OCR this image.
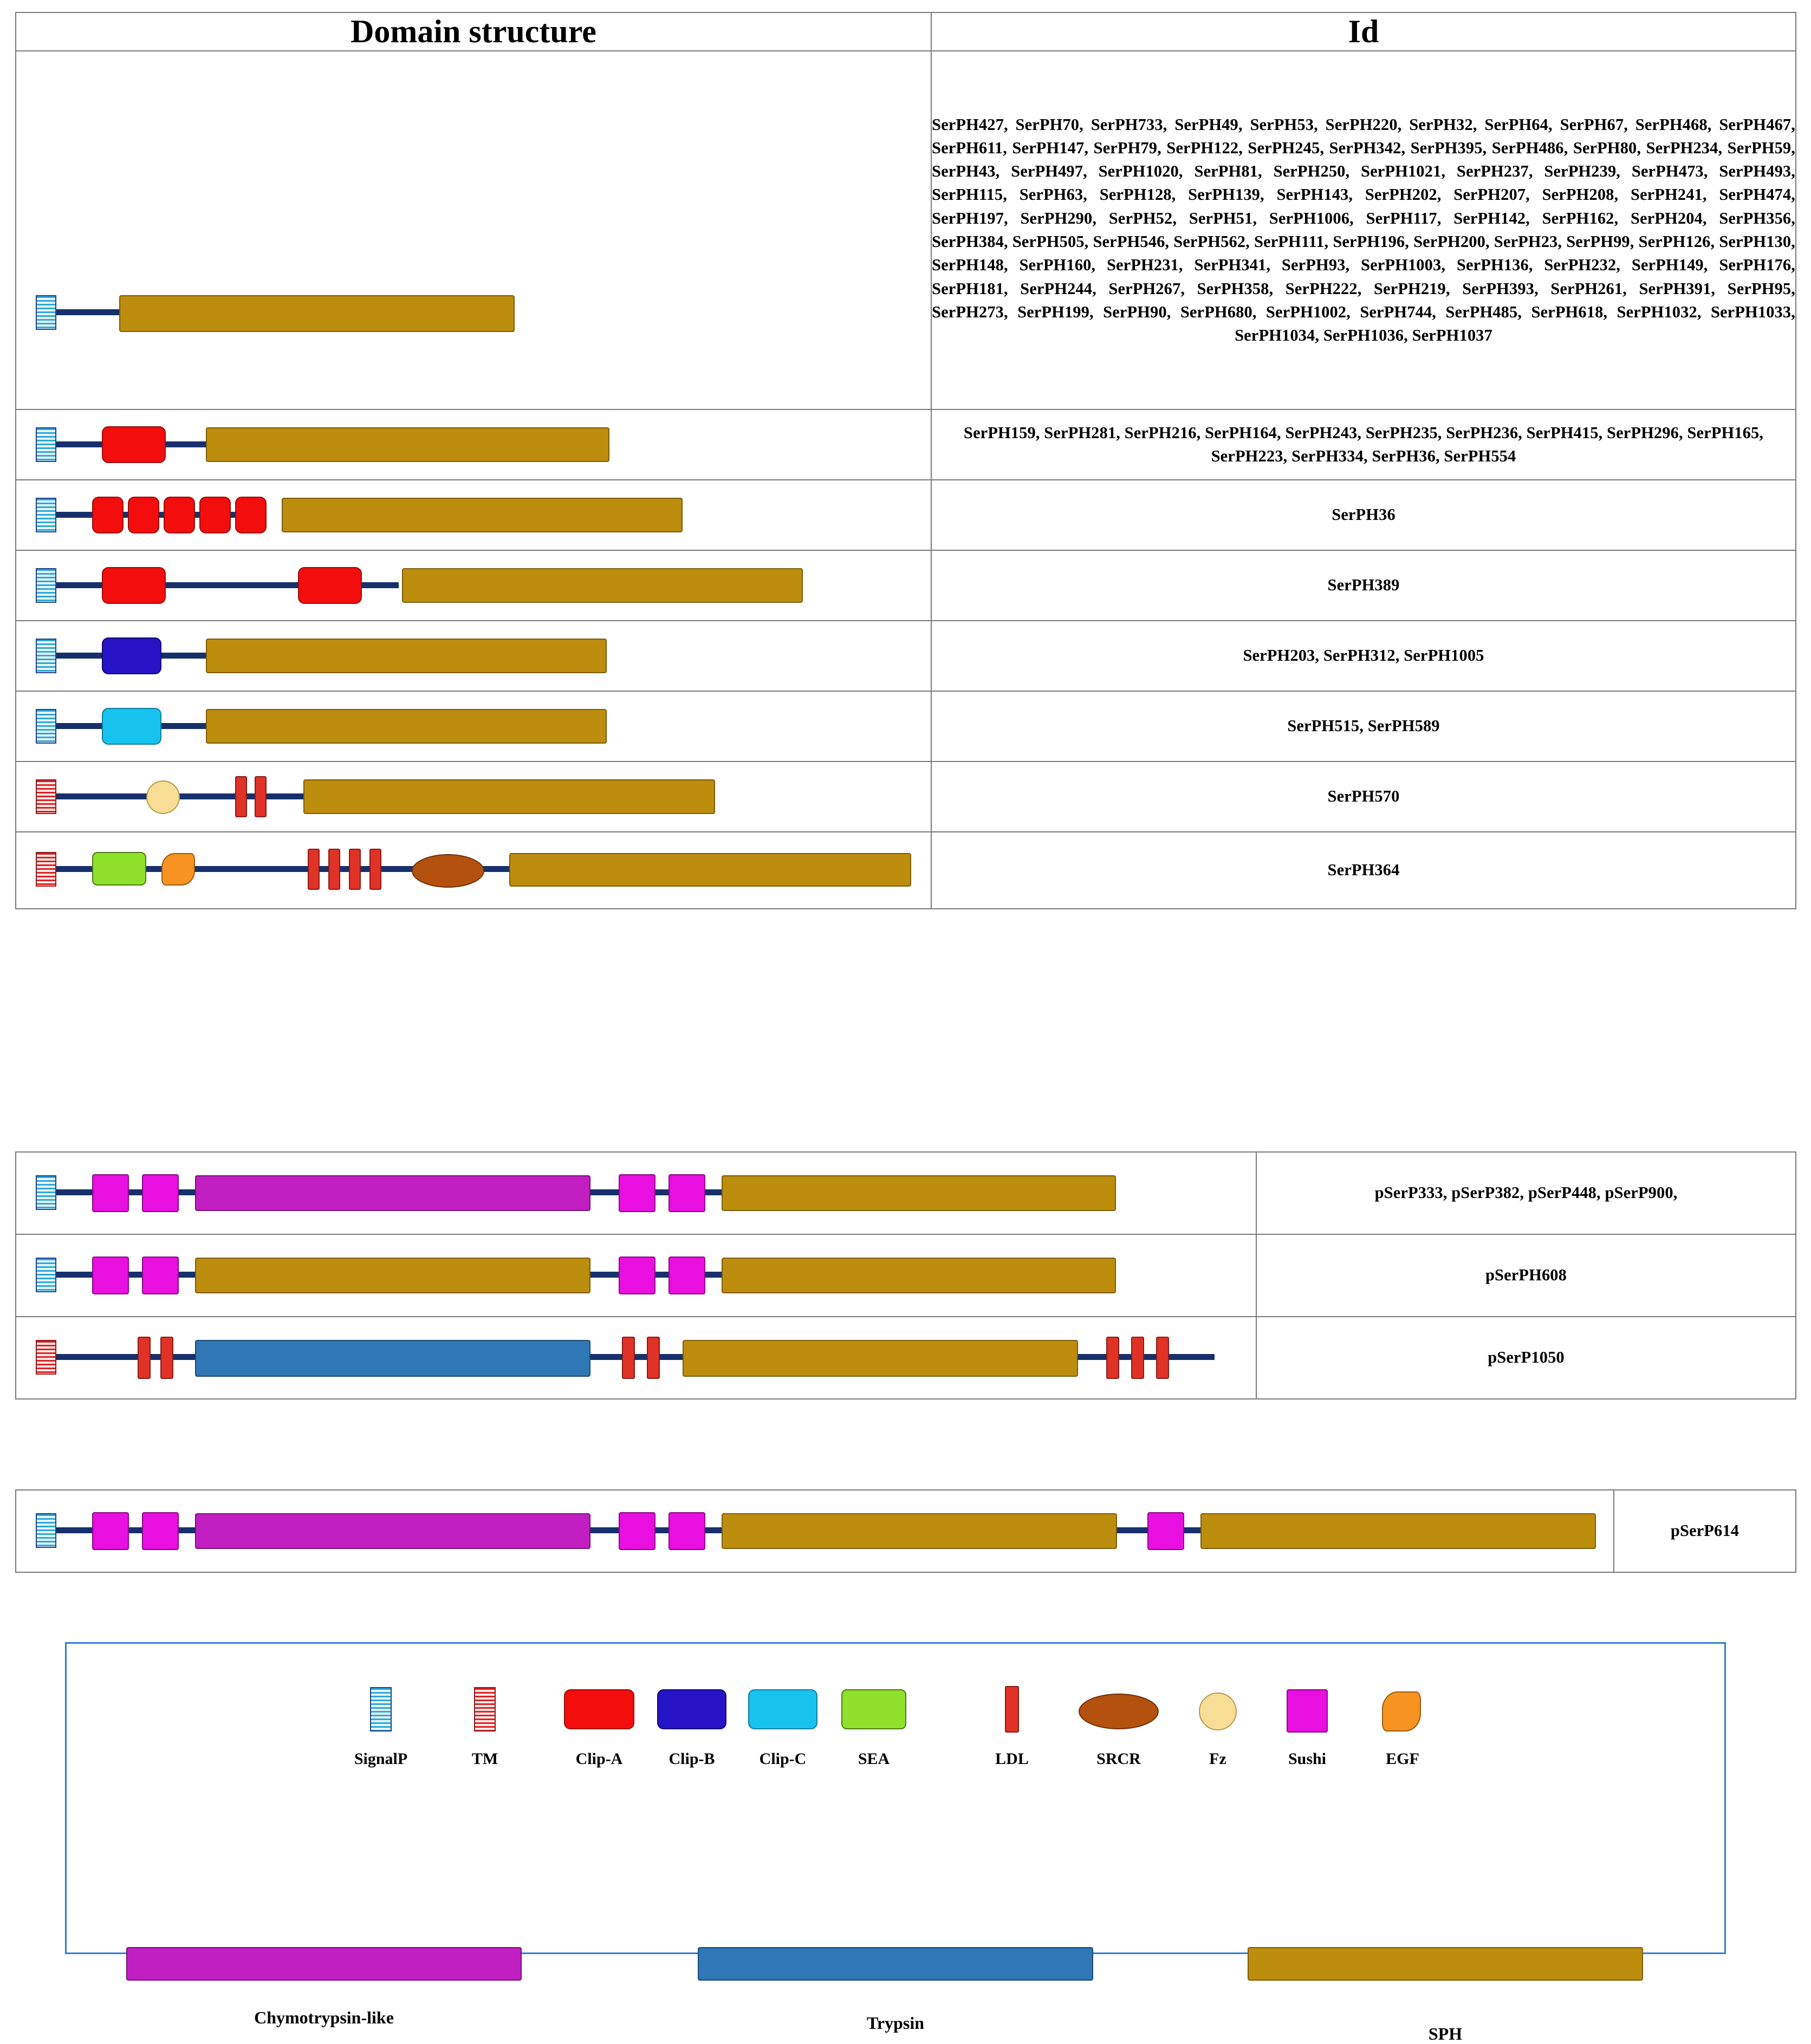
Domain structure	Id

	SerPH427, SerPH70, SerPH733, SerPH49, SerPH53, SerPH220, SerPH32, SerPH64, SerPH67, SerPH468, SerPH467, SerPH611, SerPH147, SerPH79, SerPH122, SerPH245, SerPH342, SerPH395, SerPH486, SerPH80, SerPH234, SerPH59, SerPH43, SerPH497, SerPH1020, SerPH81, SerPH250, SerPH1021, SerPH237, SerPH239, SerPH473, SerPH493, SerPH115, SerPH63, SerPH128, SerPH139, SerPH143, SerPH202, SerPH207, SerPH208, SerPH241, SerPH474, SerPH197, SerPH290, SerPH52, SerPH51, SerPH1006, SerPH117, SerPH142, SerPH162, SerPH204, SerPH356, SerPH384, SerPH505, SerPH546, SerPH562, SerPH111, SerPH196, SerPH200, SerPH23, SerPH99, SerPH126, SerPH130, SerPH148, SerPH160, SerPH231, SerPH341, SerPH93, SerPH1003, SerPH136, SerPH232, SerPH149, SerPH176, SerPH181, SerPH244, SerPH267, SerPH358, SerPH222, SerPH219, SerPH393, SerPH261, SerPH391, SerPH95, SerPH273, SerPH199, SerPH90, SerPH680, SerPH1002, SerPH744, SerPH485, SerPH618, SerPH1032, SerPH1033, SerPH1034, SerPH1036, SerPH1037

	SerPH159, SerPH281, SerPH216, SerPH164, SerPH243, SerPH235, SerPH236, SerPH415, SerPH296, SerPH165, SerPH223, SerPH334, SerPH36, SerPH554

	SerPH36

	SerPH389

	SerPH203, SerPH312, SerPH1005

	SerPH515, SerPH589

	SerPH570

	SerPH364
	pSerP333, pSerP382, pSerP448, pSerP900,

	pSerPH608

	pSerP1050
	pSerP614
SignalP	TM	Clip-A	Clip-B	Clip-C	SEA	LDL	SRCR	Fz	Sushi	EGF
Chymotrypsin-like	Trypsin
SPH
